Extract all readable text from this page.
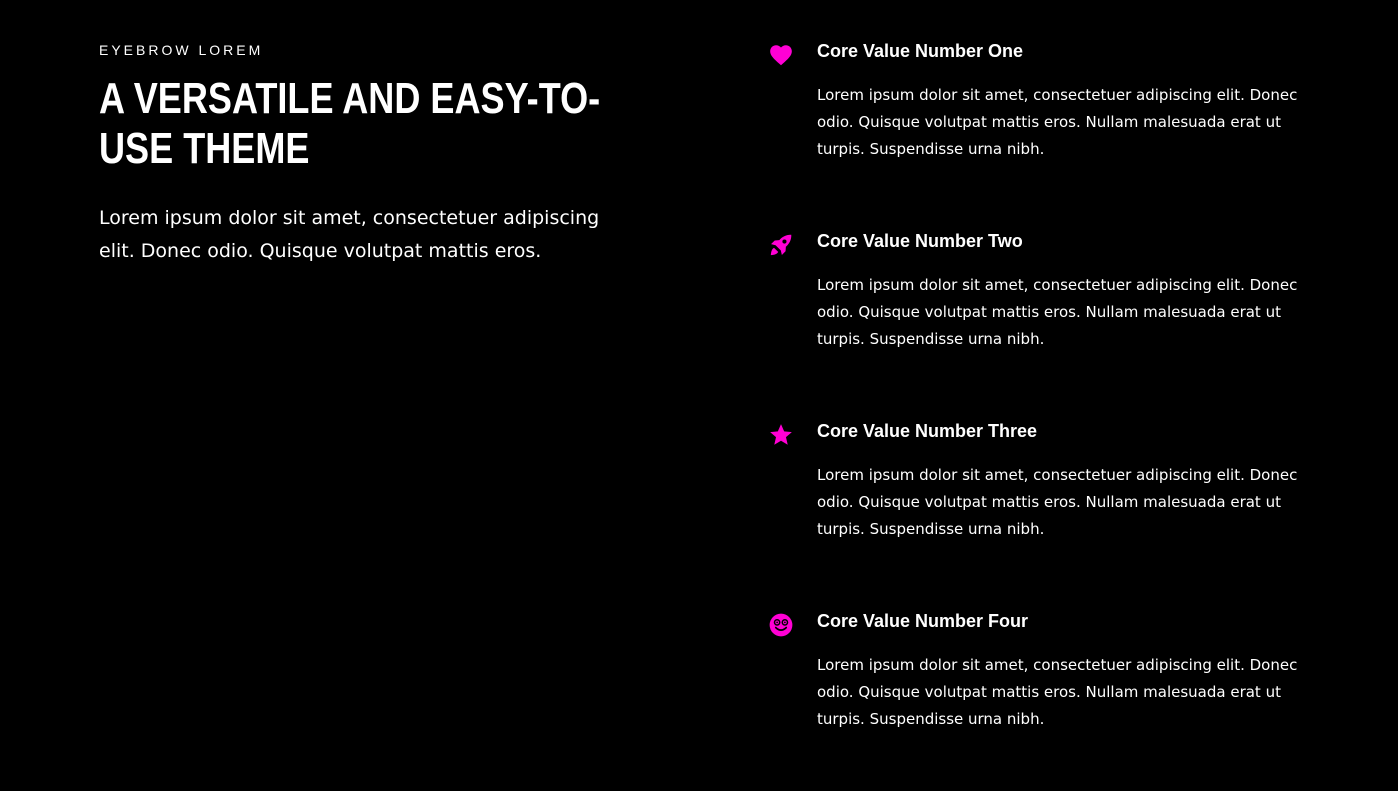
EYEBROW LOREM

A VERSATILE AND EASY-TO-
USE THEME

Lorem ipsum dolor sit amet, consectetuer adipiscing elit. Donec odio. Quisque volutpat mattis eros.

Core Value Number One
Lorem ipsum dolor sit amet, consectetuer adipiscing elit. Donec odio. Quisque volutpat mattis eros. Nullam malesuada erat ut turpis. Suspendisse urna nibh.
Core Value Number Two
Lorem ipsum dolor sit amet, consectetuer adipiscing elit. Donec odio. Quisque volutpat mattis eros. Nullam malesuada erat ut turpis. Suspendisse urna nibh.
Core Value Number Three
Lorem ipsum dolor sit amet, consectetuer adipiscing elit. Donec odio. Quisque volutpat mattis eros. Nullam malesuada erat ut turpis. Suspendisse urna nibh.
Core Value Number Four
Lorem ipsum dolor sit amet, consectetuer adipiscing elit. Donec odio. Quisque volutpat mattis eros. Nullam malesuada erat ut turpis. Suspendisse urna nibh.
